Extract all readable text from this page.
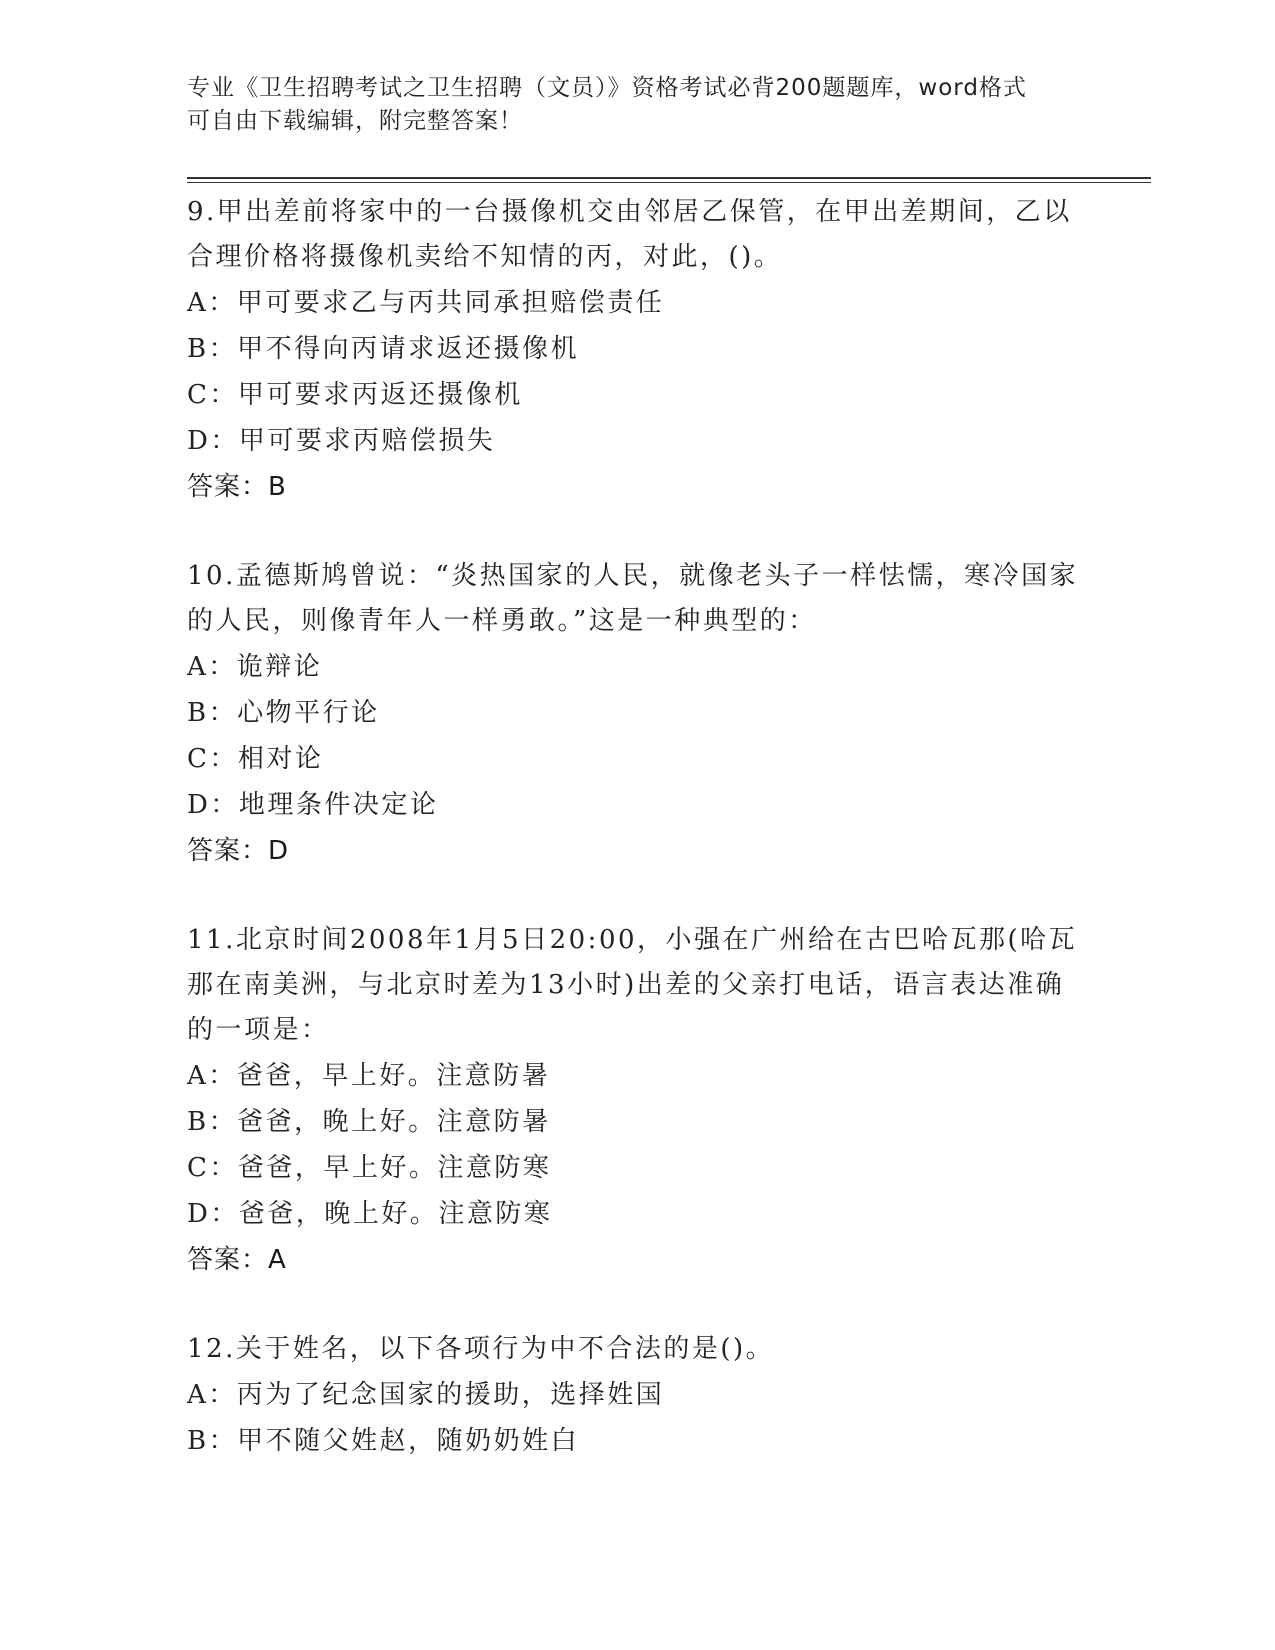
专业《卫生招聘考试之卫生招聘（文员）》资格考试必背200题题库，word格式
可自由下载编辑，附完整答案！
9.甲出差前将家中的一台摄像机交由邻居乙保管，在甲出差期间，乙以合理价格将摄像机卖给不知情的丙，对此，()。
A：甲可要求乙与丙共同承担赔偿责任
B：甲不得向丙请求返还摄像机
C：甲可要求丙返还摄像机
D：甲可要求丙赔偿损失
答案：B
10.孟德斯鸠曾说：“炎热国家的人民，就像老头子一样怯懦，寒冷国家的人民，则像青年人一样勇敢。”这是一种典型的：
A：诡辩论
B：心物平行论
C：相对论
D：地理条件决定论
答案：D
11.北京时间2008年1月5日20:00，小强在广州给在古巴哈瓦那(哈瓦那在南美洲，与北京时差为13小时)出差的父亲打电话，语言表达准确的一项是：
A：爸爸，早上好。注意防暑
B：爸爸，晚上好。注意防暑
C：爸爸，早上好。注意防寒
D：爸爸，晚上好。注意防寒
答案：A
12.关于姓名，以下各项行为中不合法的是()。
A：丙为了纪念国家的援助，选择姓国
B：甲不随父姓赵，随奶奶姓白
